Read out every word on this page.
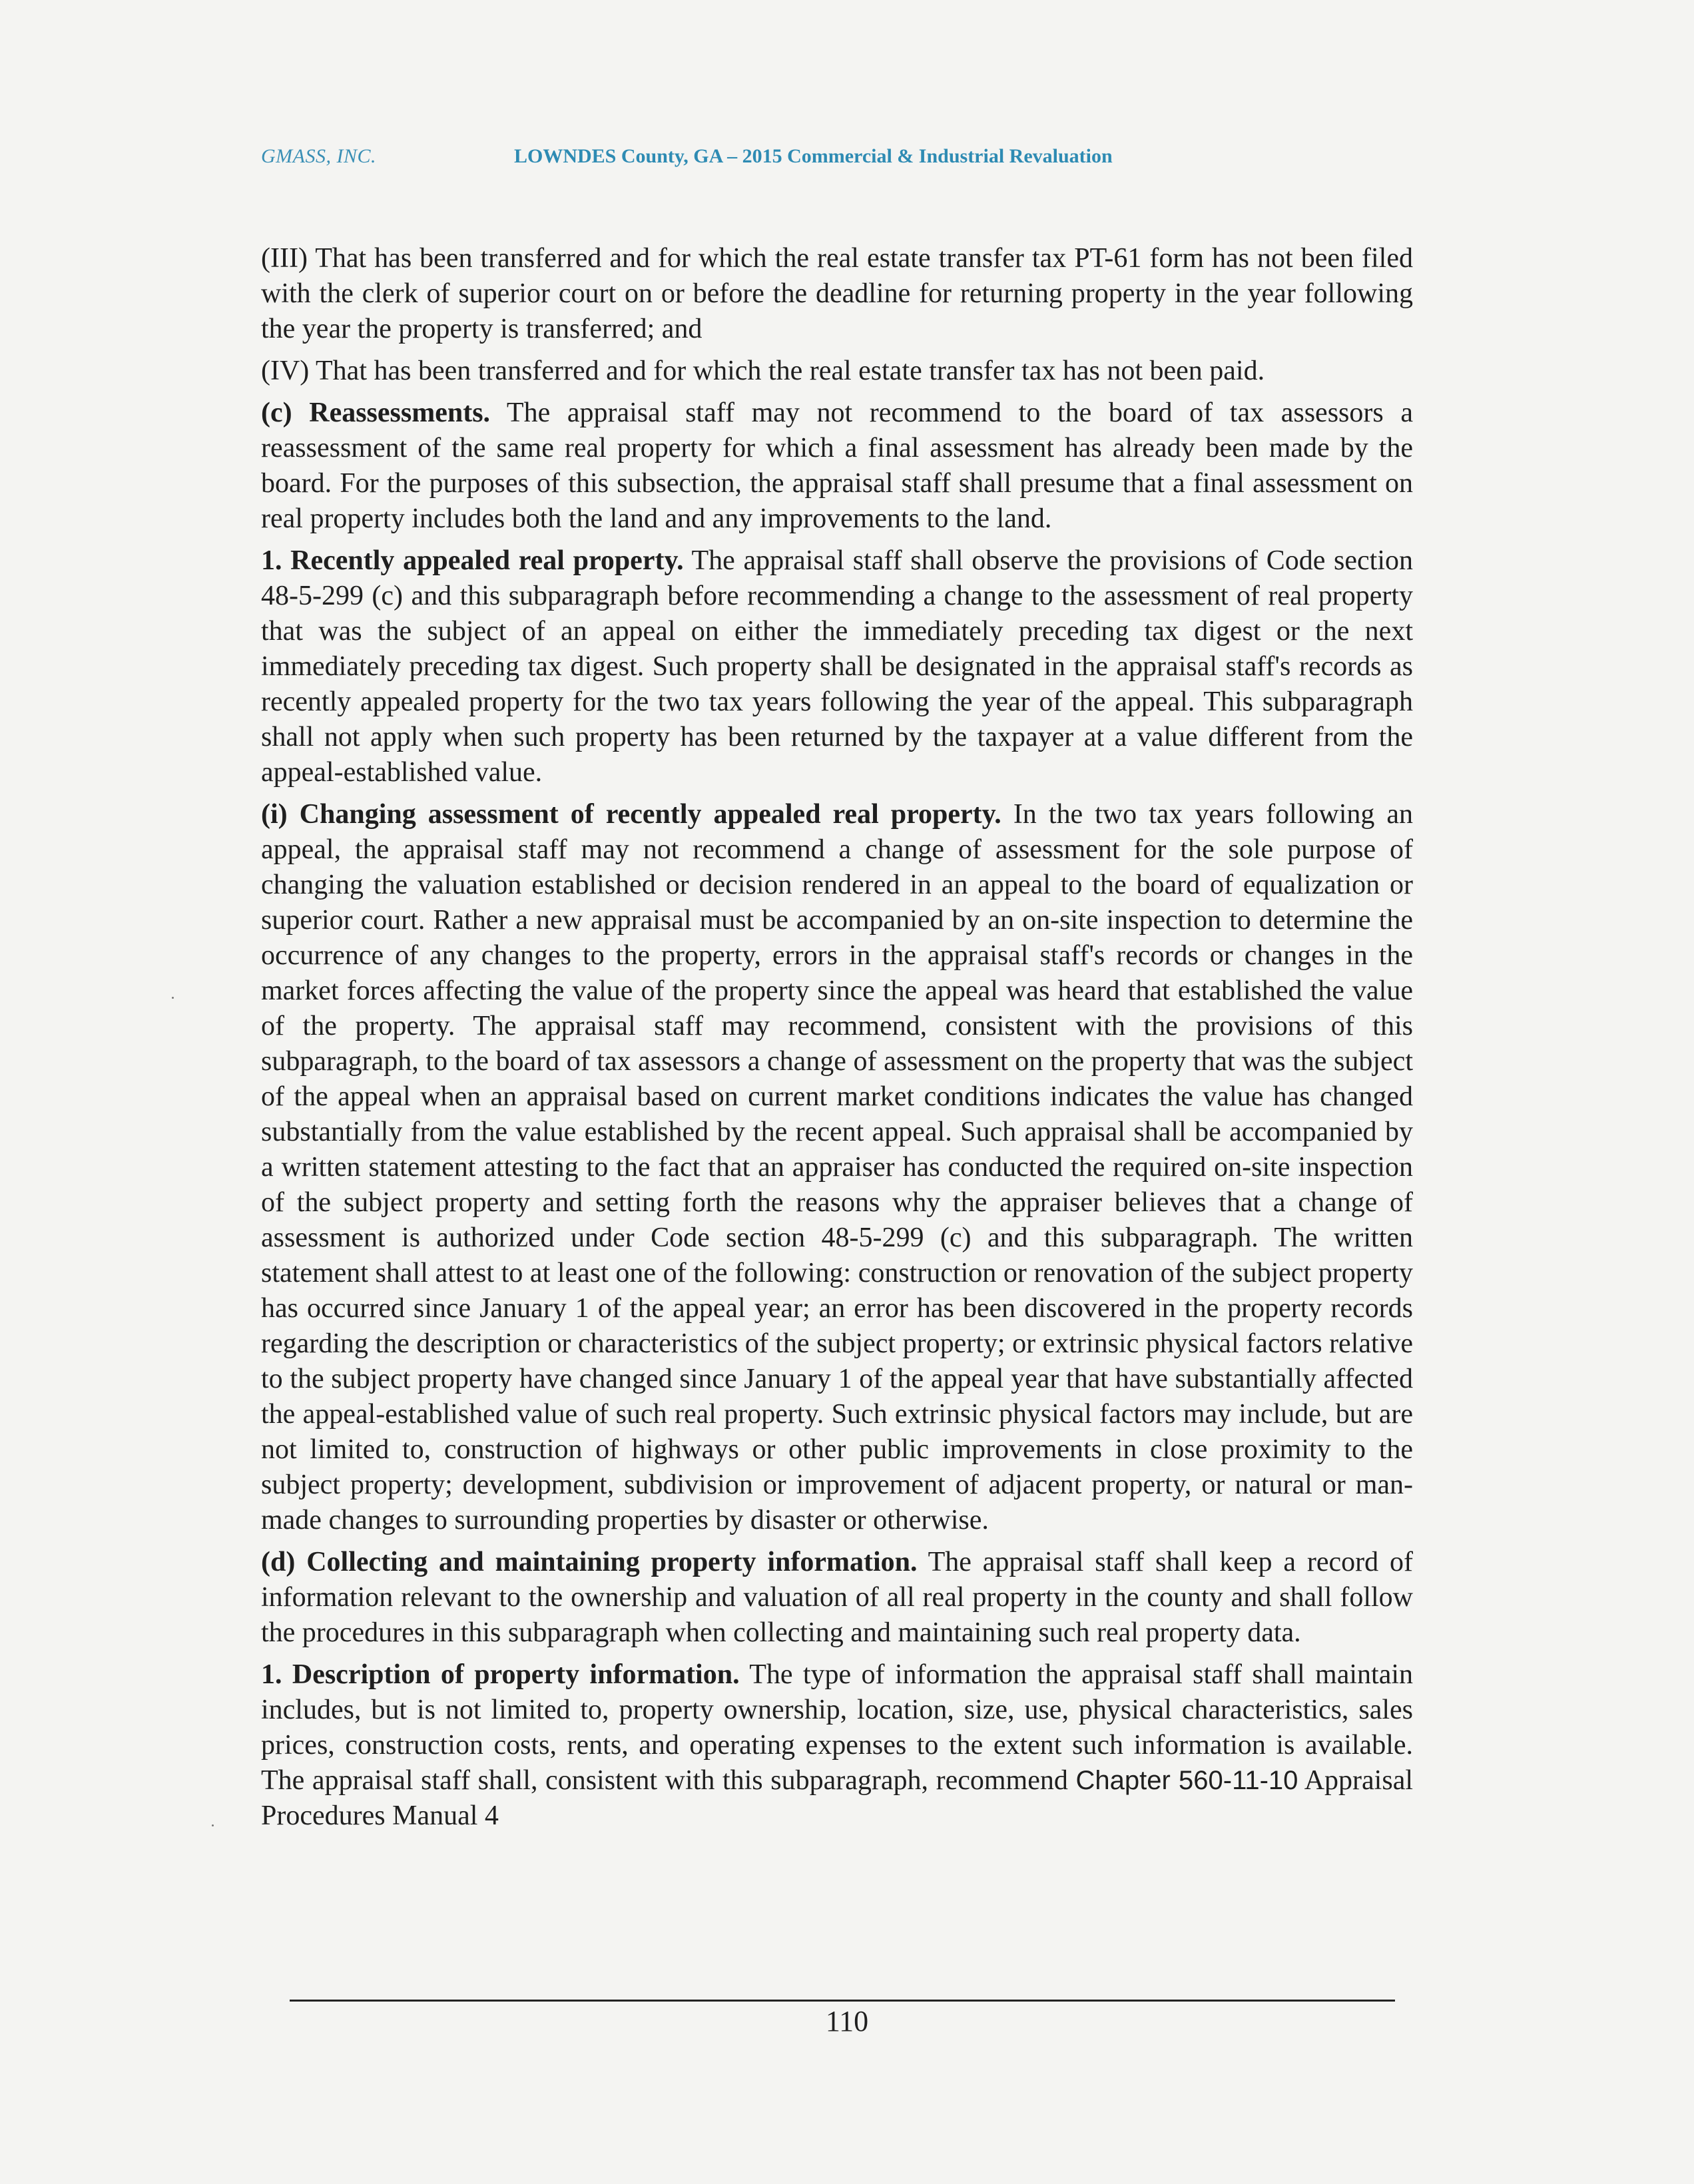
GMASS, INC.	LOWNDES County, GA – 2015 Commercial & Industrial Revaluation

(III) That has been transferred and for which the real estate transfer tax PT-61 form has not been filed with the clerk of superior court on or before the deadline for returning property in the year following the year the property is transferred; and

(IV) That has been transferred and for which the real estate transfer tax has not been paid.

(c) Reassessments. The appraisal staff may not recommend to the board of tax assessors a reassessment of the same real property for which a final assessment has already been made by the board. For the purposes of this subsection, the appraisal staff shall presume that a final assessment on real property includes both the land and any improvements to the land.

1. Recently appealed real property. The appraisal staff shall observe the provisions of Code section 48-5-299 (c) and this subparagraph before recommending a change to the assessment of real property that was the subject of an appeal on either the immediately preceding tax digest or the next immediately preceding tax digest. Such property shall be designated in the appraisal staff's records as recently appealed property for the two tax years following the year of the appeal. This subparagraph shall not apply when such property has been returned by the taxpayer at a value different from the appeal-established value.

(i) Changing assessment of recently appealed real property. In the two tax years following an appeal, the appraisal staff may not recommend a change of assessment for the sole purpose of changing the valuation established or decision rendered in an appeal to the board of equalization or superior court. Rather a new appraisal must be accompanied by an on-site inspection to determine the occurrence of any changes to the property, errors in the appraisal staff's records or changes in the market forces affecting the value of the property since the appeal was heard that established the value of the property. The appraisal staff may recommend, consistent with the provisions of this subparagraph, to the board of tax assessors a change of assessment on the property that was the subject of the appeal when an appraisal based on current market conditions indicates the value has changed substantially from the value established by the recent appeal. Such appraisal shall be accompanied by a written statement attesting to the fact that an appraiser has conducted the required on-site inspection of the subject property and setting forth the reasons why the appraiser believes that a change of assessment is authorized under Code section 48-5-299 (c) and this subparagraph. The written statement shall attest to at least one of the following: construction or renovation of the subject property has occurred since January 1 of the appeal year; an error has been discovered in the property records regarding the description or characteristics of the subject property; or extrinsic physical factors relative to the subject property have changed since January 1 of the appeal year that have substantially affected the appeal-established value of such real property. Such extrinsic physical factors may include, but are not limited to, construction of highways or other public improvements in close proximity to the subject property; development, subdivision or improvement of adjacent property, or natural or man-made changes to surrounding properties by disaster or otherwise.

(d) Collecting and maintaining property information. The appraisal staff shall keep a record of information relevant to the ownership and valuation of all real property in the county and shall follow the procedures in this subparagraph when collecting and maintaining such real property data.

1. Description of property information. The type of information the appraisal staff shall maintain includes, but is not limited to, property ownership, location, size, use, physical characteristics, sales prices, construction costs, rents, and operating expenses to the extent such information is available. The appraisal staff shall, consistent with this subparagraph, recommend Chapter 560-11-10 Appraisal Procedures Manual 4

110
